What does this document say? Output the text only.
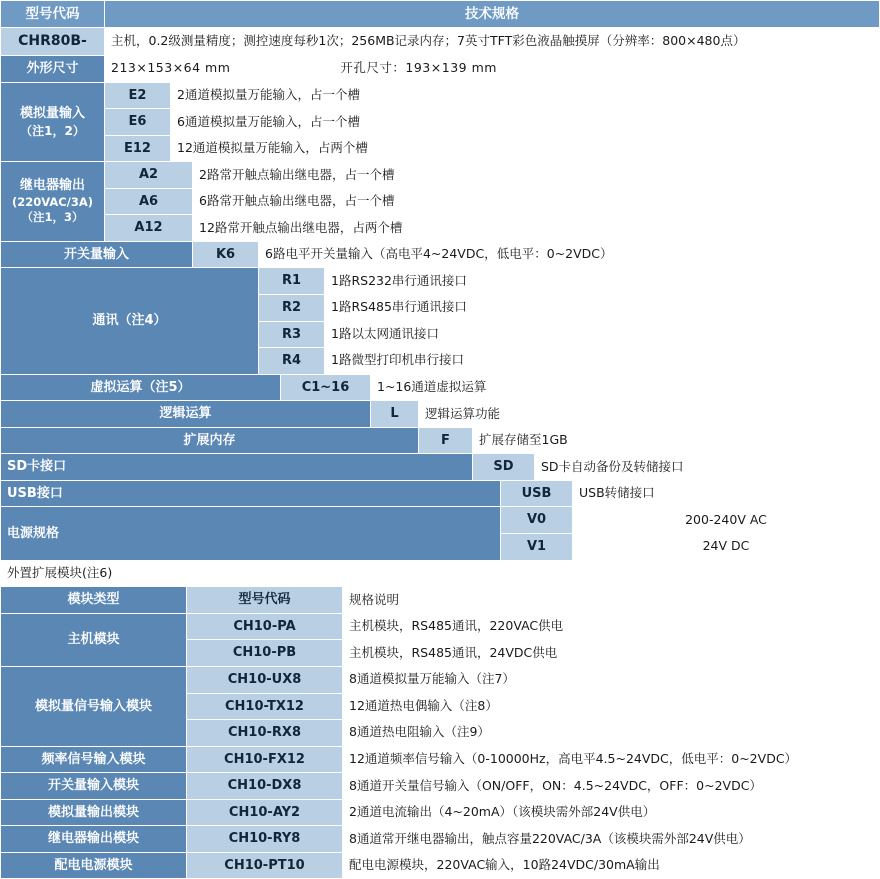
型号代码	技术规格											
CHR80B-	主机，0.2级测量精度；测控速度每秒1次；256MB记录内存；7英寸TFT彩色液晶触摸屏（分辨率：800×480点）											
外形尺寸	213×153×64 mm 开孔尺寸：193×139 mm											

模拟量输入
（注1，2）	E2	2通道模拟量万能输入，占一个槽										
	E6	6通道模拟量万能输入，占一个槽										
	E12	12通道模拟量万能输入，占两个槽										

继电器输出
(220VAC/3A)（注1，3）	A2		2路常开触点输出继电器，占一个槽									
	A6		6路常开触点输出继电器，占一个槽									
	A12		12路常开触点输出继电器，占两个槽									
开关量输入			K6	6路电平开关量输入（高电平4~24VDC，低电平：0~2VDC）								
通讯（注4）				R1		1路RS232串行通讯接口						
				R2		1路RS485串行通讯接口						
				R3		1路以太网通讯接口						
				R4		1路微型打印机串行接口						
虚拟运算（注5）					C1~16		1~16通道虚拟运算					
逻辑运算							L	逻辑运算功能				
扩展内存								F	扩展存储至1GB			
SD卡接口									SD		SD卡自动备份及转储接口	
USB接口										USB		USB转储接口
电源规格										V0		200-240V AC
										V1		24V DC
外置扩展模块(注6)												
模块类型	型号代码	规格说明
主机模块	CH10-PA	主机模块，RS485通讯，220VAC供电
	CH10-PB	主机模块，RS485通讯，24VDC供电
模拟量信号输入模块	CH10-UX8	8通道模拟量万能输入（注7）
	CH10-TX12	12通道热电偶输入（注8）
	CH10-RX8	8通道热电阻输入（注9）
频率信号输入模块	CH10-FX12	12通道频率信号输入（0-10000Hz，高电平4.5~24VDC，低电平：0~2VDC）
开关量输入模块	CH10-DX8	8通道开关量信号输入（ON/OFF，ON：4.5~24VDC，OFF：0~2VDC）
模拟量输出模块	CH10-AY2	2通道电流输出（4~20mA）（该模块需外部24V供电）
继电器输出模块	CH10-RY8	8通道常开继电器输出，触点容量220VAC/3A（该模块需外部24V供电）
配电电源模块	CH10-PT10	配电电源模块，220VAC输入，10路24VDC/30mA输出
